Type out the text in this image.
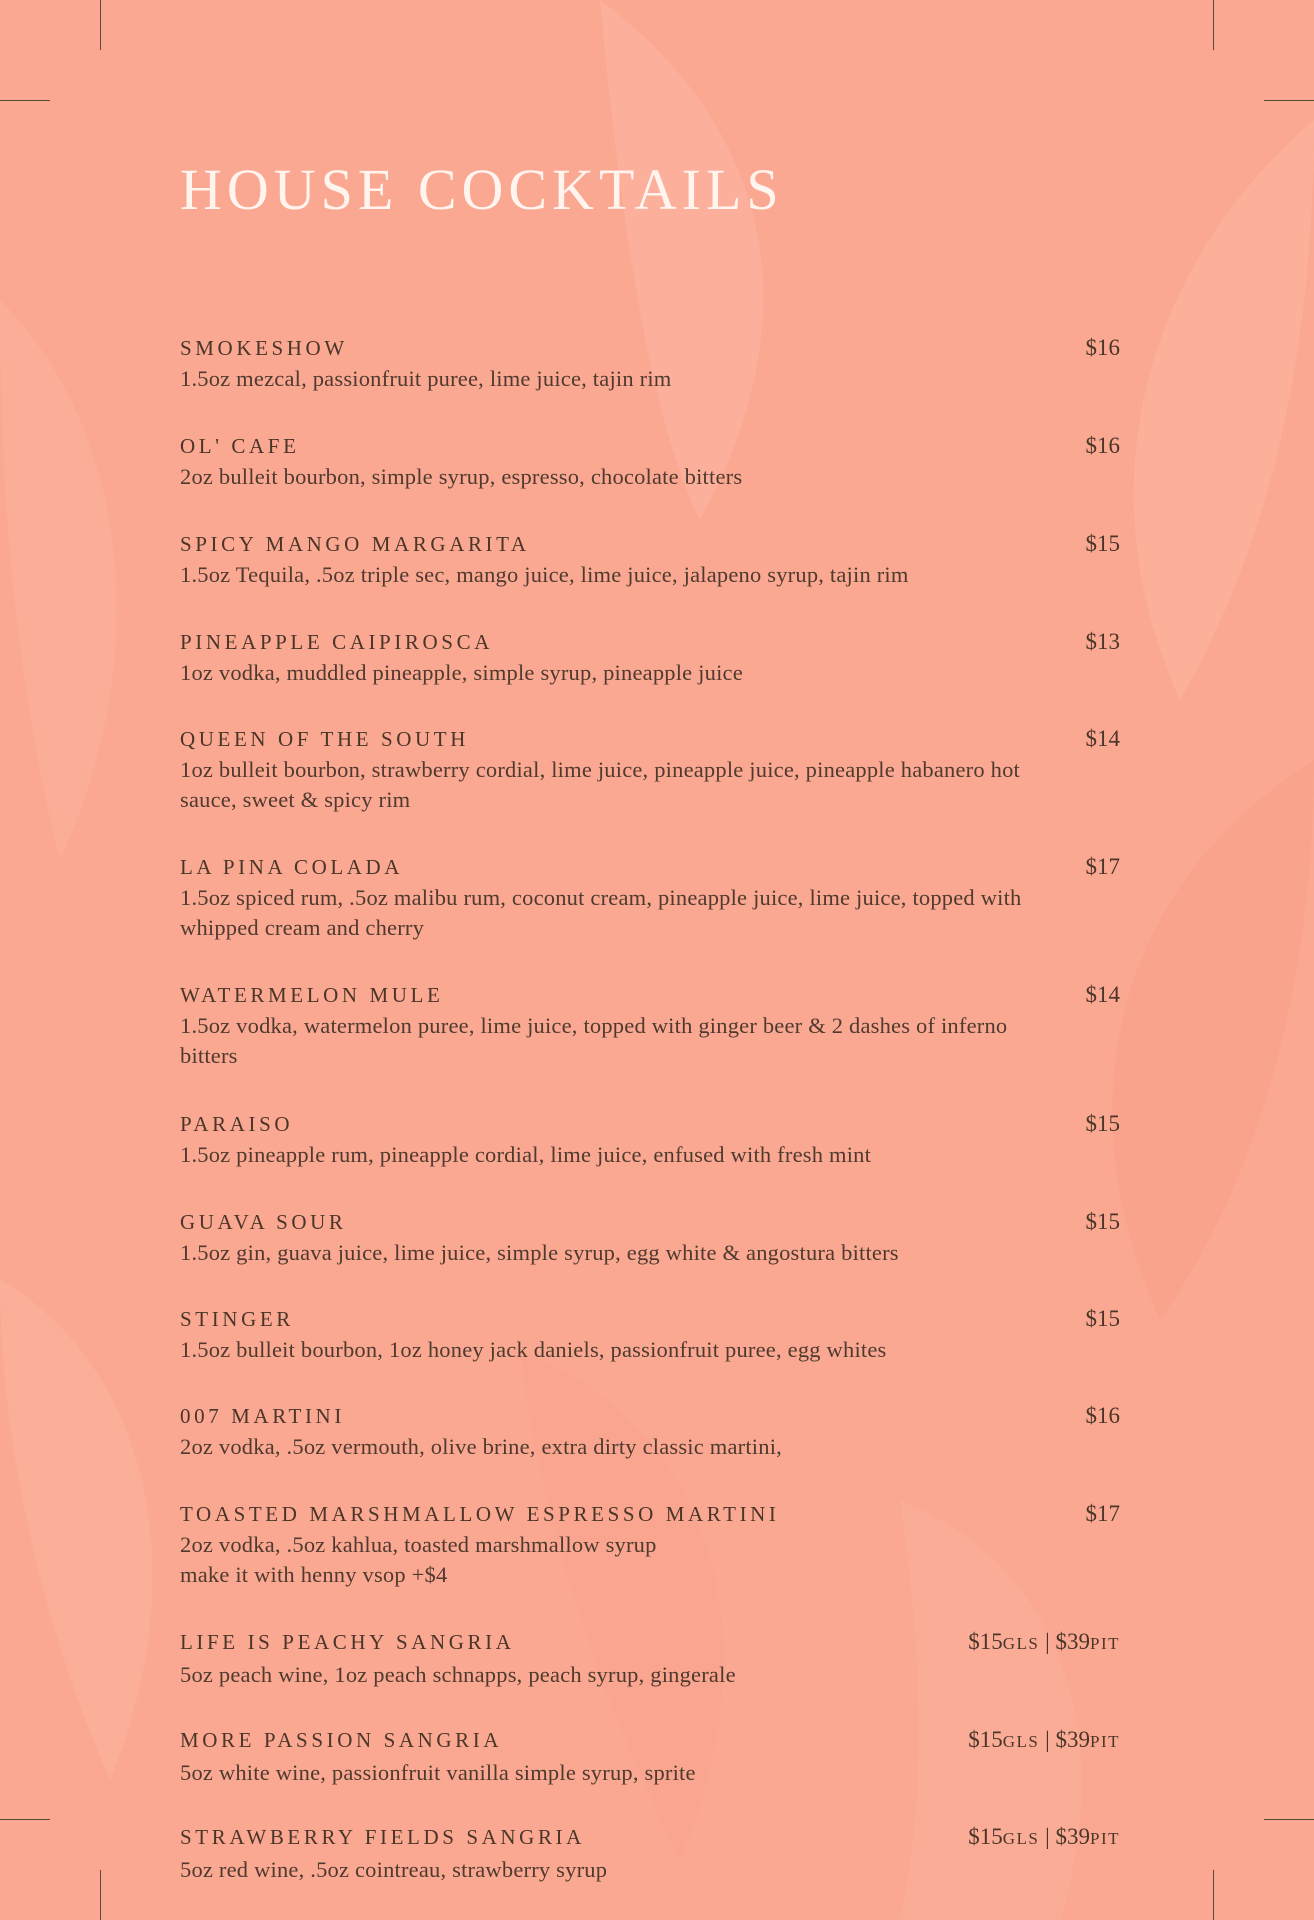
HOUSE COCKTAILS
SMOKESHOW	$16

1.5oz mezcal, passionfruit puree, lime juice, tajin rim

OL' CAFE	$16

2oz bulleit bourbon, simple syrup, espresso, chocolate bitters

SPICY MANGO MARGARITA	$15

1.5oz Tequila, .5oz triple sec, mango juice, lime juice, jalapeno syrup, tajin rim

PINEAPPLE CAIPIROSCA	$13

1oz vodka, muddled pineapple, simple syrup, pineapple juice

QUEEN OF THE SOUTH	$14

1oz bulleit bourbon, strawberry cordial, lime juice, pineapple juice, pineapple habanero hot sauce, sweet & spicy rim

LA PINA COLADA	$17

1.5oz spiced rum, .5oz malibu rum, coconut cream, pineapple juice, lime juice, topped with whipped cream and cherry

WATERMELON MULE	$14

1.5oz vodka, watermelon puree, lime juice, topped with ginger beer & 2 dashes of inferno bitters

PARAISO	$15

1.5oz pineapple rum, pineapple cordial, lime juice, enfused with fresh mint

GUAVA SOUR	$15

1.5oz gin, guava juice, lime juice, simple syrup, egg white & angostura bitters

STINGER	$15

1.5oz bulleit bourbon, 1oz honey jack daniels, passionfruit puree, egg whites

007 MARTINI	$16

2oz vodka, .5oz vermouth, olive brine, extra dirty classic martini,

TOASTED MARSHMALLOW ESPRESSO MARTINI	$17

2oz vodka, .5oz kahlua, toasted marshmallow syrup

make it with henny vsop +$4

LIFE IS PEACHY SANGRIA	$15GLS | $39PIT

5oz peach wine, 1oz peach schnapps, peach syrup, gingerale

MORE PASSION SANGRIA	$15GLS | $39PIT

5oz white wine, passionfruit vanilla simple syrup, sprite

STRAWBERRY FIELDS SANGRIA	$15GLS | $39PIT

5oz red wine, .5oz cointreau, strawberry syrup
